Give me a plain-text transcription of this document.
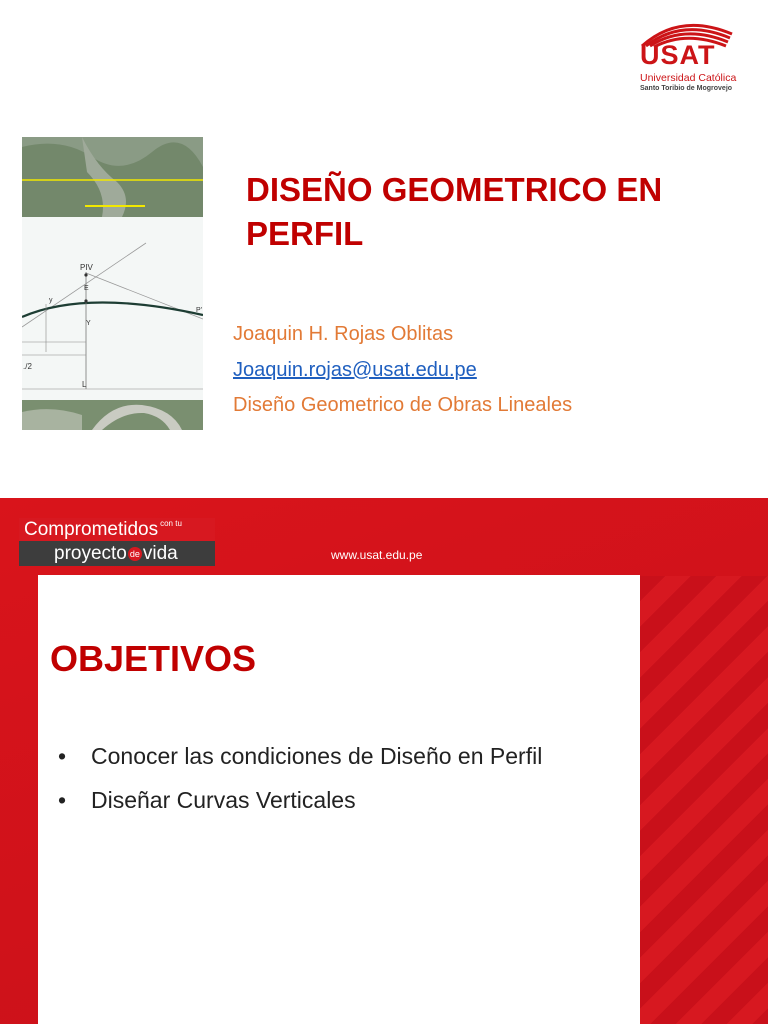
USAT
Universidad Católica
Santo Toribio de Mogrovejo
PIV
E
y
Y
P'
./2
L
DISEÑO GEOMETRICO EN PERFIL
Joaquin H. Rojas Oblitas
Joaquin.rojas@usat.edu.pe
Diseño Geometrico de Obras Lineales
Comprometidos $^{con tu}$
proyecto de vida	www.usat.edu.pe
OBJETIVOS
• Conocer las condiciones de Diseño en Perfil
• Diseñar Curvas Verticales
